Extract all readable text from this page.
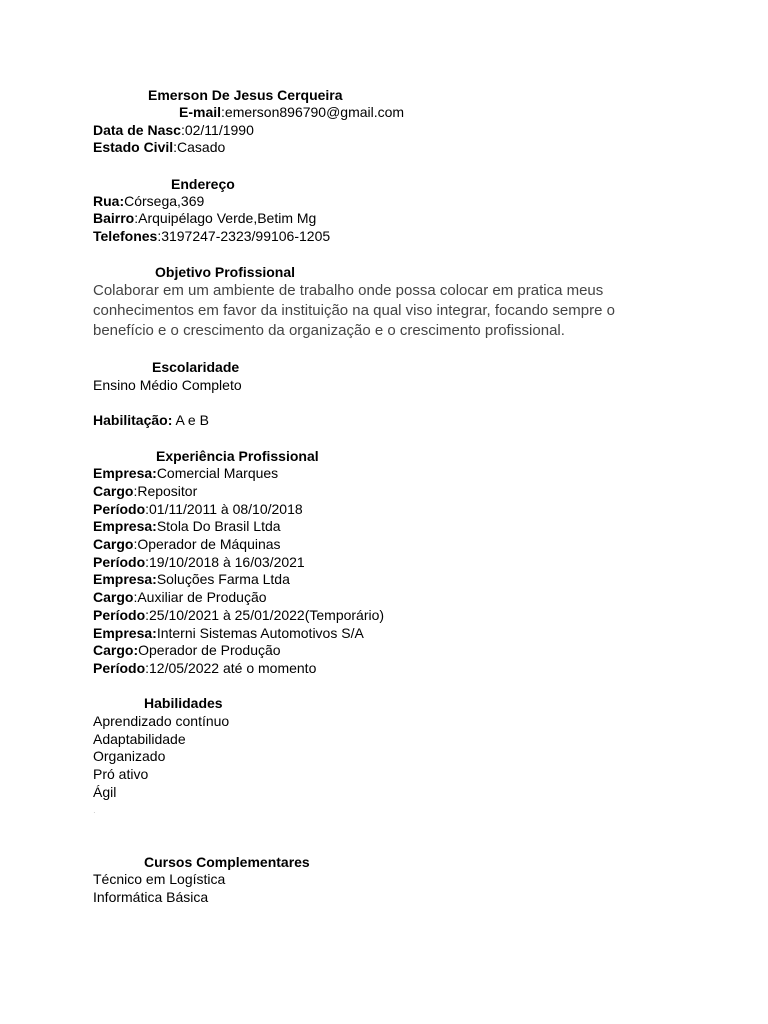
Emerson De Jesus Cerqueira
E-mail:emerson896790@gmail.com
Data de Nasc:02/11/1990
Estado Civil:Casado
Endereço
Rua:Córsega,369
Bairro:Arquipélago Verde,Betim Mg
Telefones:3197247-2323/99106-1205
Objetivo Profissional
Colaborar em um ambiente de trabalho onde possa colocar em pratica meus conhecimentos em favor da instituição na qual viso integrar, focando sempre o benefício e o crescimento da organização e o crescimento profissional.
Escolaridade
Ensino Médio Completo
Habilitação: A e B
Experiência Profissional
Empresa:Comercial Marques
Cargo:Repositor
Período:01/11/2011 à 08/10/2018
Empresa:Stola Do Brasil Ltda
Cargo:Operador de Máquinas
Período:19/10/2018 à 16/03/2021
Empresa:Soluções Farma Ltda
Cargo:Auxiliar de Produção
Período:25/10/2021 à 25/01/2022(Temporário)
Empresa:Interni Sistemas Automotivos S/A
Cargo:Operador de Produção
Período:12/05/2022 até o momento
Habilidades
Aprendizado contínuo
Adaptabilidade
Organizado
Pró ativo
Ágil
·
Cursos Complementares
Técnico em Logística
Informática Básica
